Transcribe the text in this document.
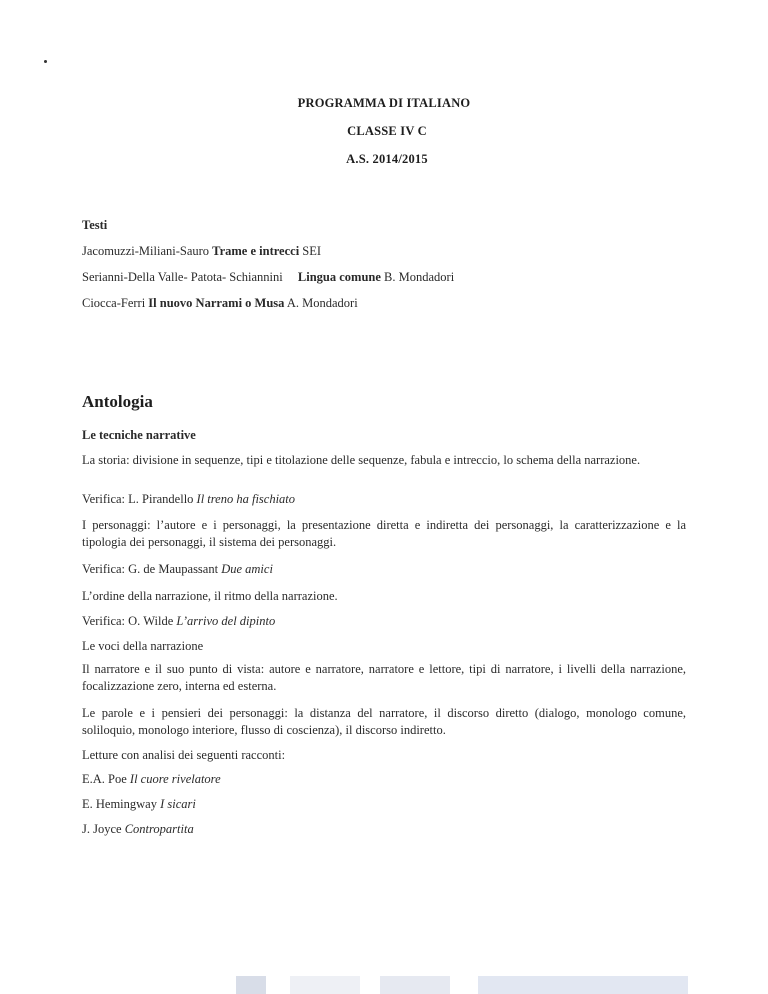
PROGRAMMA DI ITALIANO
CLASSE IV C
A.S. 2014/2015
Testi
Jacomuzzi-Miliani-Sauro Trame e intrecci SEI
Serianni-Della Valle- Patota- Schiannini Lingua comune B. Mondadori
Ciocca-Ferri Il nuovo Narrami o Musa A. Mondadori
Antologia
Le tecniche narrative
La storia: divisione in sequenze, tipi e titolazione delle sequenze, fabula e intreccio, lo schema della narrazione.
Verifica: L. Pirandello Il treno ha fischiato
I personaggi: l’autore e i personaggi, la presentazione diretta e indiretta dei personaggi, la caratterizzazione e la tipologia dei personaggi, il sistema dei personaggi.
Verifica: G. de Maupassant Due amici
L’ordine della narrazione, il ritmo della narrazione.
Verifica: O. Wilde L’arrivo del dipinto
Le voci della narrazione
Il narratore e il suo punto di vista: autore e narratore, narratore e lettore, tipi di narratore, i livelli della narrazione, focalizzazione zero, interna ed esterna.
Le parole e i pensieri dei personaggi: la distanza del narratore, il discorso diretto (dialogo, monologo comune, soliloquio, monologo interiore, flusso di coscienza), il discorso indiretto.
Letture con analisi dei seguenti racconti:
E.A. Poe Il cuore rivelatore
E. Hemingway I sicari
J. Joyce Contropartita
